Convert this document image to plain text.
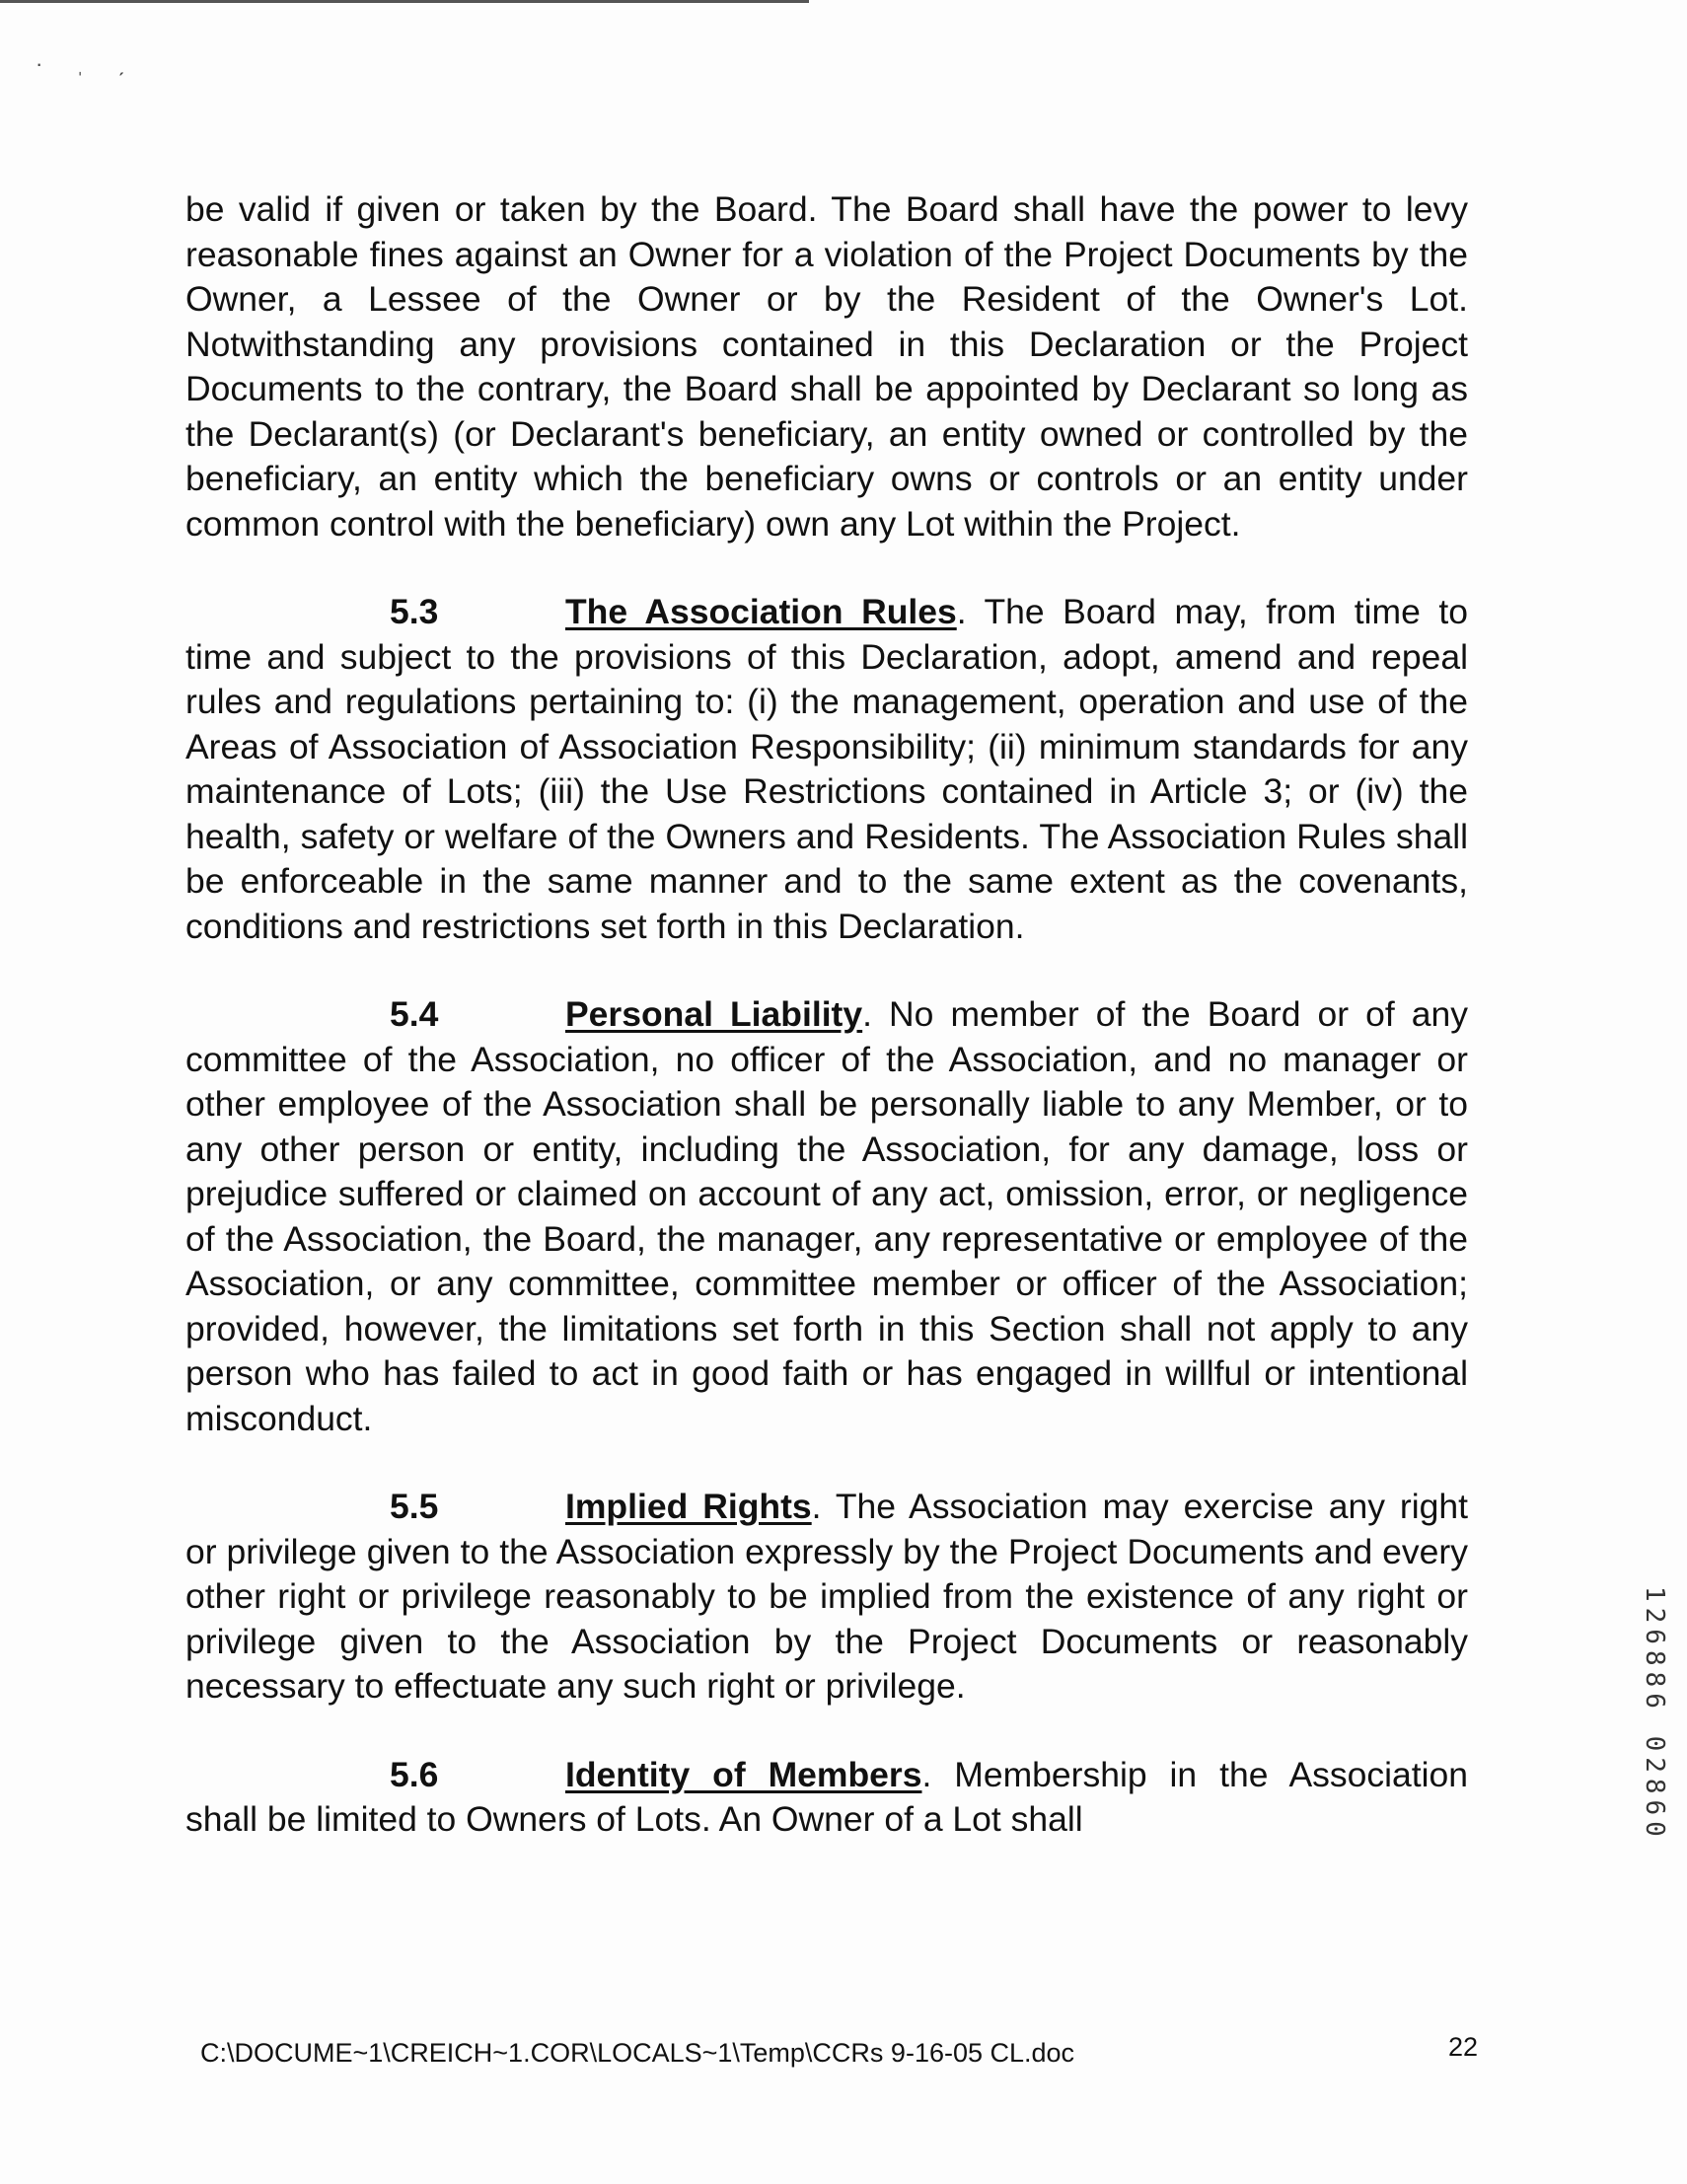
· ˌ ˏ

be valid if given or taken by the Board. The Board shall have the power to levy reasonable fines against an Owner for a violation of the Project Documents by the Owner, a Lessee of the Owner or by the Resident of the Owner's Lot. Notwithstanding any provisions contained in this Declaration or the Project Documents to the contrary, the Board shall be appointed by Declarant so long as the Declarant(s) (or Declarant's beneficiary, an entity owned or controlled by the beneficiary, an entity which the beneficiary owns or controls or an entity under common control with the beneficiary) own any Lot within the Project.

5.3	The Association Rules. The Board may, from time to time and subject to the provisions of this Declaration, adopt, amend and repeal rules and regulations pertaining to: (i) the management, operation and use of the Areas of Association of Association Responsibility; (ii) minimum standards for any maintenance of Lots; (iii) the Use Restrictions contained in Article 3; or (iv) the health, safety or welfare of the Owners and Residents. The Association Rules shall be enforceable in the same manner and to the same extent as the covenants, conditions and restrictions set forth in this Declaration.

5.4	Personal Liability. No member of the Board or of any committee of the Association, no officer of the Association, and no manager or other employee of the Association shall be personally liable to any Member, or to any other person or entity, including the Association, for any damage, loss or prejudice suffered or claimed on account of any act, omission, error, or negligence of the Association, the Board, the manager, any representative or employee of the Association, or any committee, committee member or officer of the Association; provided, however, the limitations set forth in this Section shall not apply to any person who has failed to act in good faith or has engaged in willful or intentional misconduct.

5.5	Implied Rights. The Association may exercise any right or privilege given to the Association expressly by the Project Documents and every other right or privilege reasonably to be implied from the existence of any right or privilege given to the Association by the Project Documents or reasonably necessary to effectuate any such right or privilege.

5.6	Identity of Members. Membership in the Association shall be limited to Owners of Lots. An Owner of a Lot shall	126886 02860
C:\DOCUME~1\CREICH~1.COR\LOCALS~1\Temp\CCRs 9-16-05 CL.doc	22
